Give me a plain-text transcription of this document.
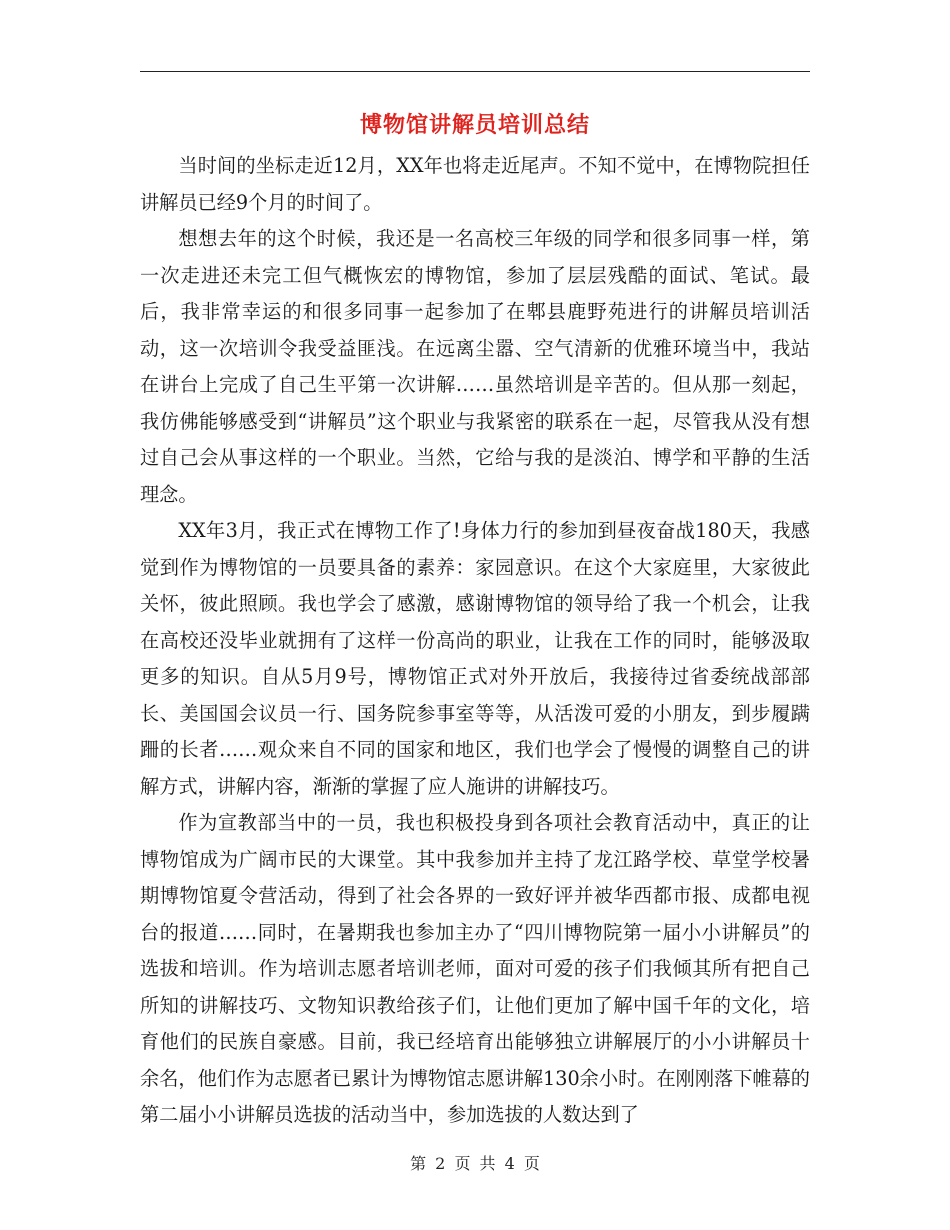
博物馆讲解员培训总结

当时间的坐标走近12月，XX年也将走近尾声。不知不觉中，在博物院担任讲解员已经9个月的时间了。

想想去年的这个时候，我还是一名高校三年级的同学和很多同事一样，第一次走进还未完工但气概恢宏的博物馆，参加了层层残酷的面试、笔试。最后，我非常幸运的和很多同事一起参加了在郫县鹿野苑进行的讲解员培训活动，这一次培训令我受益匪浅。在远离尘嚣、空气清新的优雅环境当中，我站在讲台上完成了自己生平第一次讲解……虽然培训是辛苦的。但从那一刻起，我仿佛能够感受到“讲解员”这个职业与我紧密的联系在一起，尽管我从没有想过自己会从事这样的一个职业。当然，它给与我的是淡泊、博学和平静的生活理念。

XX年3月，我正式在博物工作了!身体力行的参加到昼夜奋战180天，我感觉到作为博物馆的一员要具备的素养：家园意识。在这个大家庭里，大家彼此关怀，彼此照顾。我也学会了感激，感谢博物馆的领导给了我一个机会，让我在高校还没毕业就拥有了这样一份高尚的职业，让我在工作的同时，能够汲取更多的知识。自从5月9号，博物馆正式对外开放后，我接待过省委统战部部长、美国国会议员一行、国务院参事室等等，从活泼可爱的小朋友，到步履蹒跚的长者……观众来自不同的国家和地区，我们也学会了慢慢的调整自己的讲解方式，讲解内容，渐渐的掌握了应人施讲的讲解技巧。

作为宣教部当中的一员，我也积极投身到各项社会教育活动中，真正的让博物馆成为广阔市民的大课堂。其中我参加并主持了龙江路学校、草堂学校暑期博物馆夏令营活动，得到了社会各界的一致好评并被华西都市报、成都电视台的报道……同时，在暑期我也参加主办了“四川博物院第一届小小讲解员”的选拔和培训。作为培训志愿者培训老师，面对可爱的孩子们我倾其所有把自己所知的讲解技巧、文物知识教给孩子们，让他们更加了解中国千年的文化，培育他们的民族自豪感。目前，我已经培育出能够独立讲解展厅的小小讲解员十余名，他们作为志愿者已累计为博物馆志愿讲解130余小时。在刚刚落下帷幕的第二届小小讲解员选拔的活动当中，参加选拔的人数达到了

第 2 页 共 4 页
